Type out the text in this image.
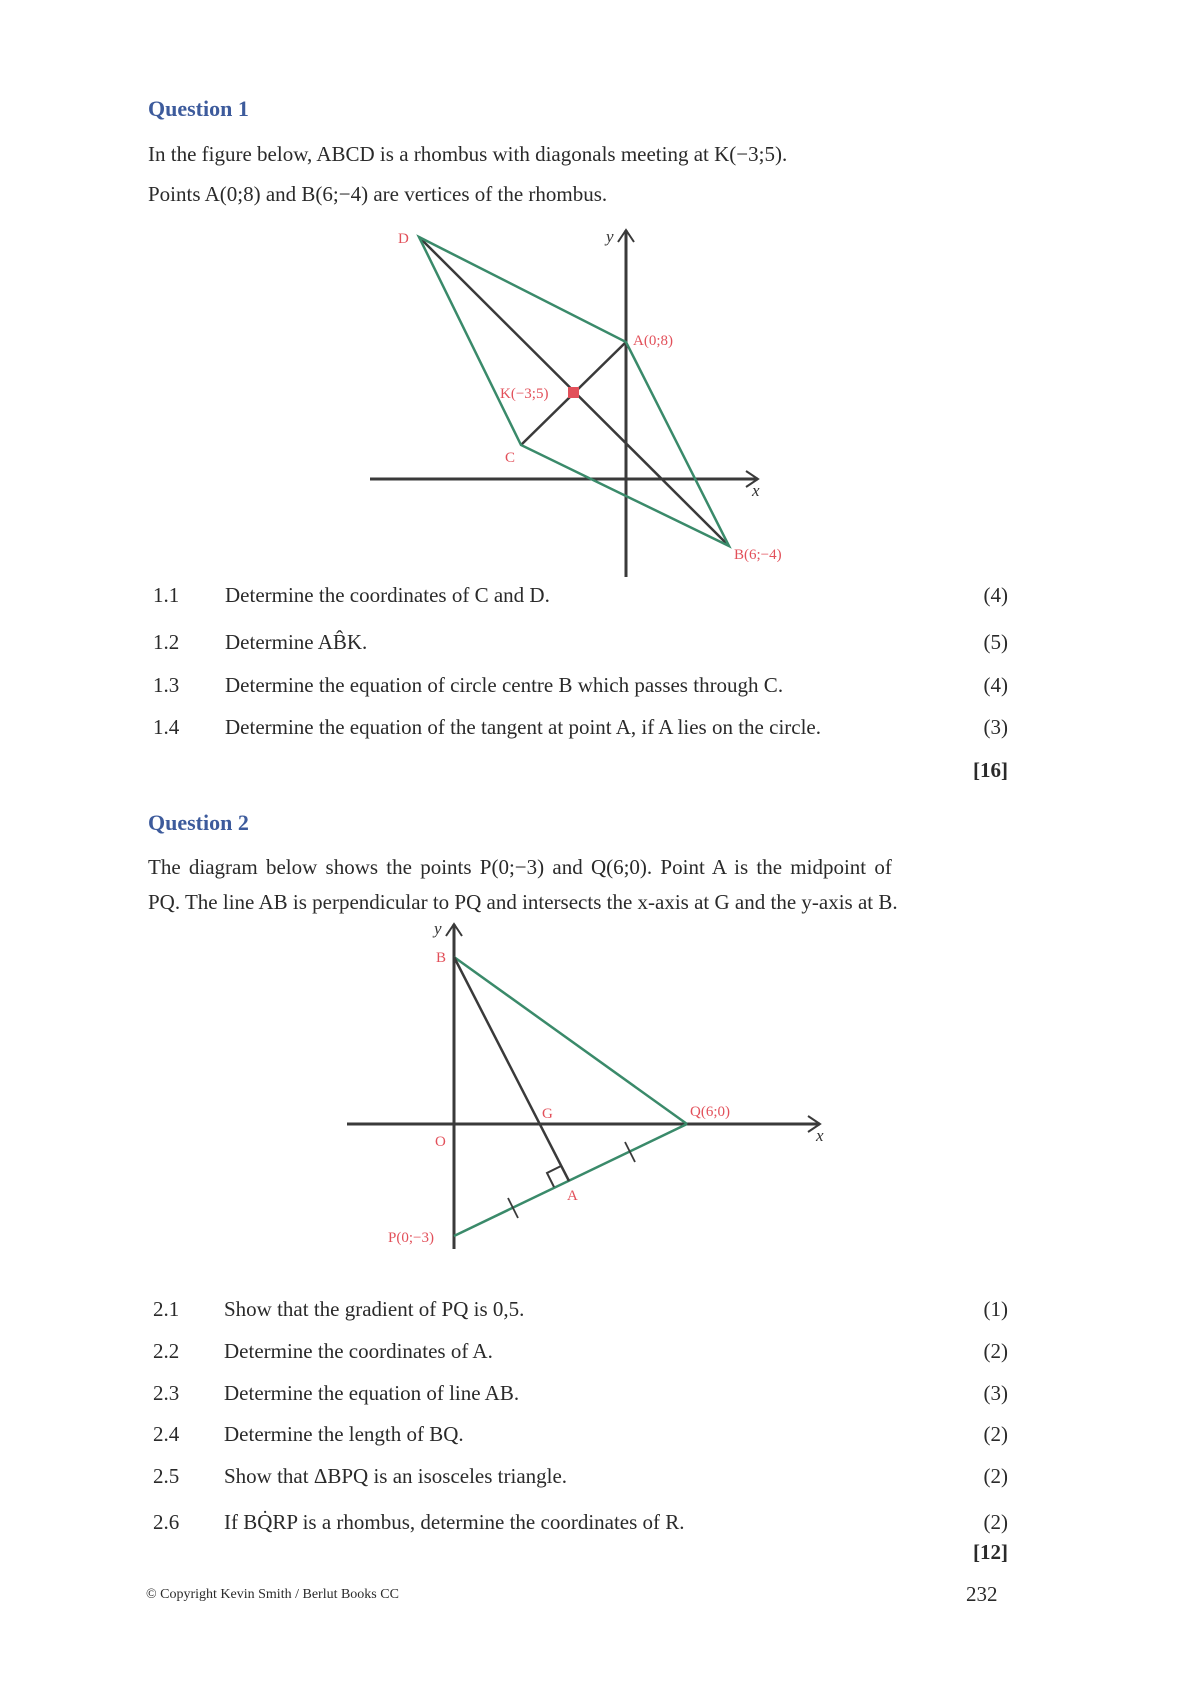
Question 1
In the figure below, ABCD is a rhombus with diagonals meeting at K(−3;5).
Points A(0;8) and B(6;−4) are vertices of the rhombus.
D
A(0;8)
K(−3;5)
C
B(6;−4)
x
y
B
G	Q(6;0)
O
A
P(0;−3)
x
y
1.1 Determine the coordinates of C and D.	(4)
1.2 Determine AB̂K.	(5)
1.3 Determine the equation of circle centre B which passes through C.	(4)
1.4 Determine the equation of the tangent at point A, if A lies on the circle.	(3)
[16]
Question 2
The diagram below shows the points P(0;−3) and Q(6;0). Point A is the midpoint of
PQ. The line AB is perpendicular to PQ and intersects the x-axis at G and the y-axis at B.
2.1 Show that the gradient of PQ is 0,5.	(1)
2.2 Determine the coordinates of A.	(2)
2.3 Determine the equation of line AB.	(3)
2.4 Determine the length of BQ.	(2)
2.5 Show that ΔBPQ is an isosceles triangle.	(2)
2.6 If BQ̇RP is a rhombus, determine the coordinates of R.	(2)
[12]
© Copyright Kevin Smith / Berlut Books CC	232
